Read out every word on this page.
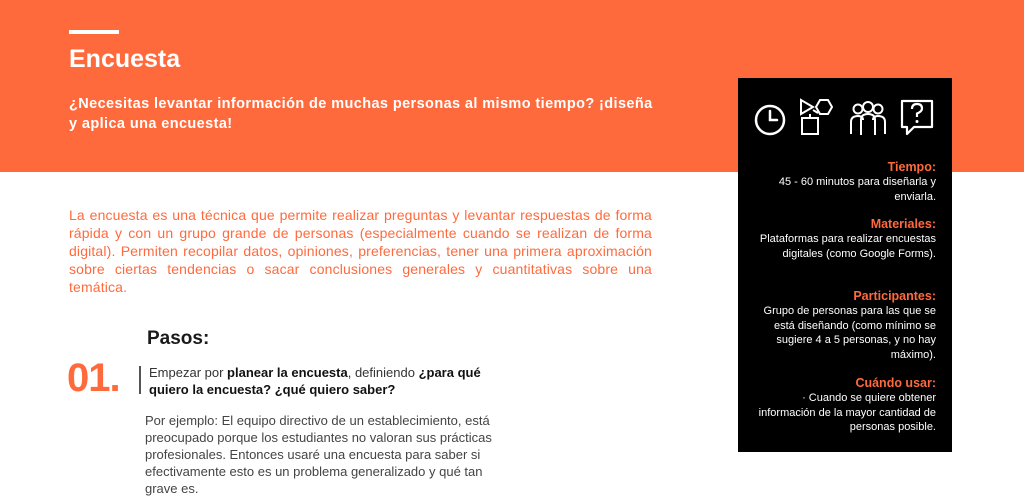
Encuesta

¿Necesitas levantar información de muchas personas al mismo tiempo? ¡diseña y aplica una encuesta!

La encuesta es una técnica que permite realizar preguntas y levantar respuestas de forma rápida y con un grupo grande de personas (especialmente cuando se realizan de forma digital). Permiten recopilar datos, opiniones, preferencias, tener una primera aproximación sobre ciertas tendencias o sacar conclusiones generales y cuantitativas sobre una temática.

Pasos:
01. Empezar por planear la encuesta, definiendo ¿para qué quiero la encuesta? ¿qué quiero saber?

Por ejemplo: El equipo directivo de un establecimiento, está preocupado porque los estudiantes no valoran sus prácticas profesionales. Entonces usaré una encuesta para saber si efectivamente esto es un problema generalizado y qué tan grave es.

Tiempo:
45 - 60 minutos para diseñarla y enviarla.
Materiales:
Plataformas para realizar encuestas digitales (como Google Forms).
Participantes:
Grupo de personas para las que se está diseñando (como mínimo se sugiere 4 a 5 personas, y no hay máximo).
Cuándo usar:
· Cuando se quiere obtener información de la mayor cantidad de personas posible.
